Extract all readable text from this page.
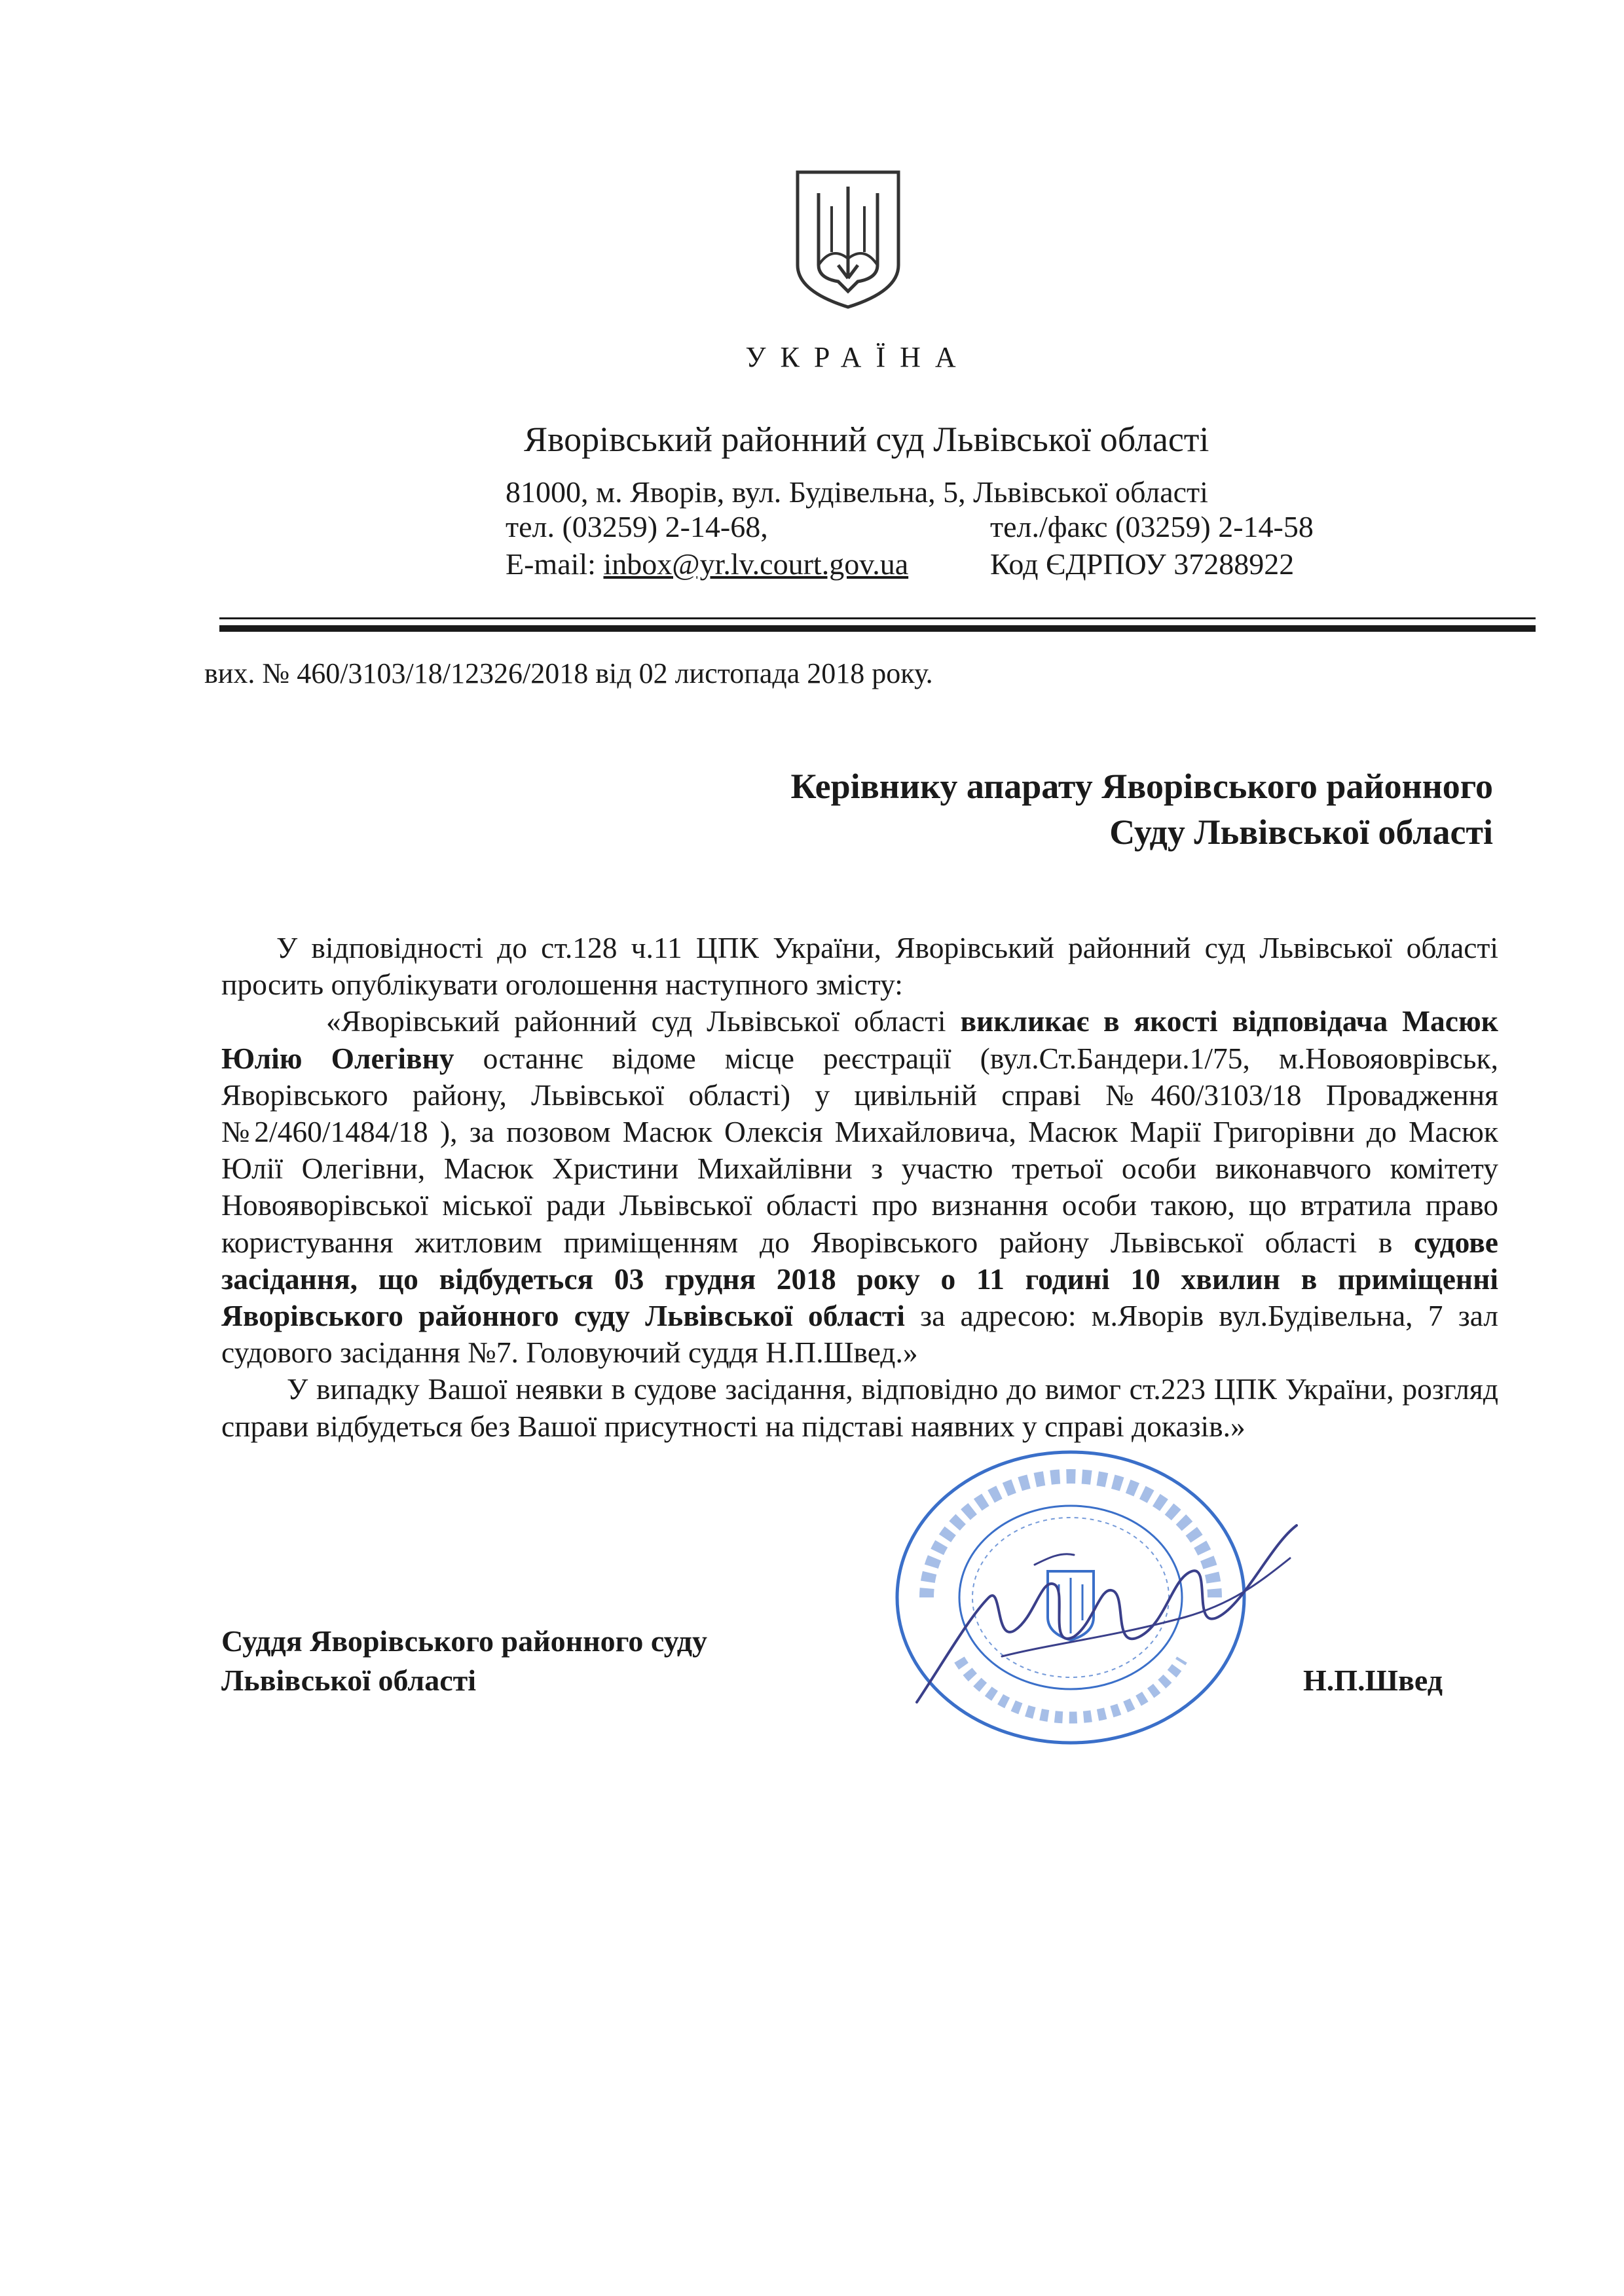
УКРАЇНА
Яворівський районний суд Львівської області
81000, м. Яворів, вул. Будівельна, 5, Львівської області
тел. (03259) 2-14-68,	тел./факс (03259) 2-14-58
E-mail: inbox@yr.lv.court.gov.ua	Код ЄДРПОУ 37288922
вих. № 460/3103/18/12326/2018 від 02 листопада 2018 року.
Керівнику апарату Яворівського районного
Суду Львівської області

У відповідності до ст.128 ч.11 ЦПК України, Яворівський районний суд Львівської області просить опублікувати оголошення наступного змісту:

«Яворівський районний суд Львівської області викликає в якості відповідача Масюк Юлію Олегівну останнє відоме місце реєстрації (вул.Ст.Бандери.1/75, м.Новояоврівськ, Яворівського району, Львівської області) у цивільній справі №460/3103/18 Провадження №2/460/1484/18 ), за позовом Масюк Олексія Михайловича, Масюк Марії Григорівни до Масюк Юлії Олегівни, Масюк Христини Михайлівни з участю третьої особи виконавчого комітету Новояворівської міської ради Львівської області про визнання особи такою, що втратила право користування житловим приміщенням до Яворівського району Львівської області в судове засідання, що відбудеться 03 грудня 2018 року о 11 годині 10 хвилин в приміщенні Яворівського районного суду Львівської області за адресою: м.Яворів вул.Будівельна, 7 зал судового засідання №7. Головуючий суддя Н.П.Швед.»

У випадку Вашої неявки в судове засідання, відповідно до вимог ст.223 ЦПК України, розгляд справи відбудеться без Вашої присутності на підставі наявних у справі доказів.»

Суддя Яворівського районного суду
Львівської області	Н.П.Швед
